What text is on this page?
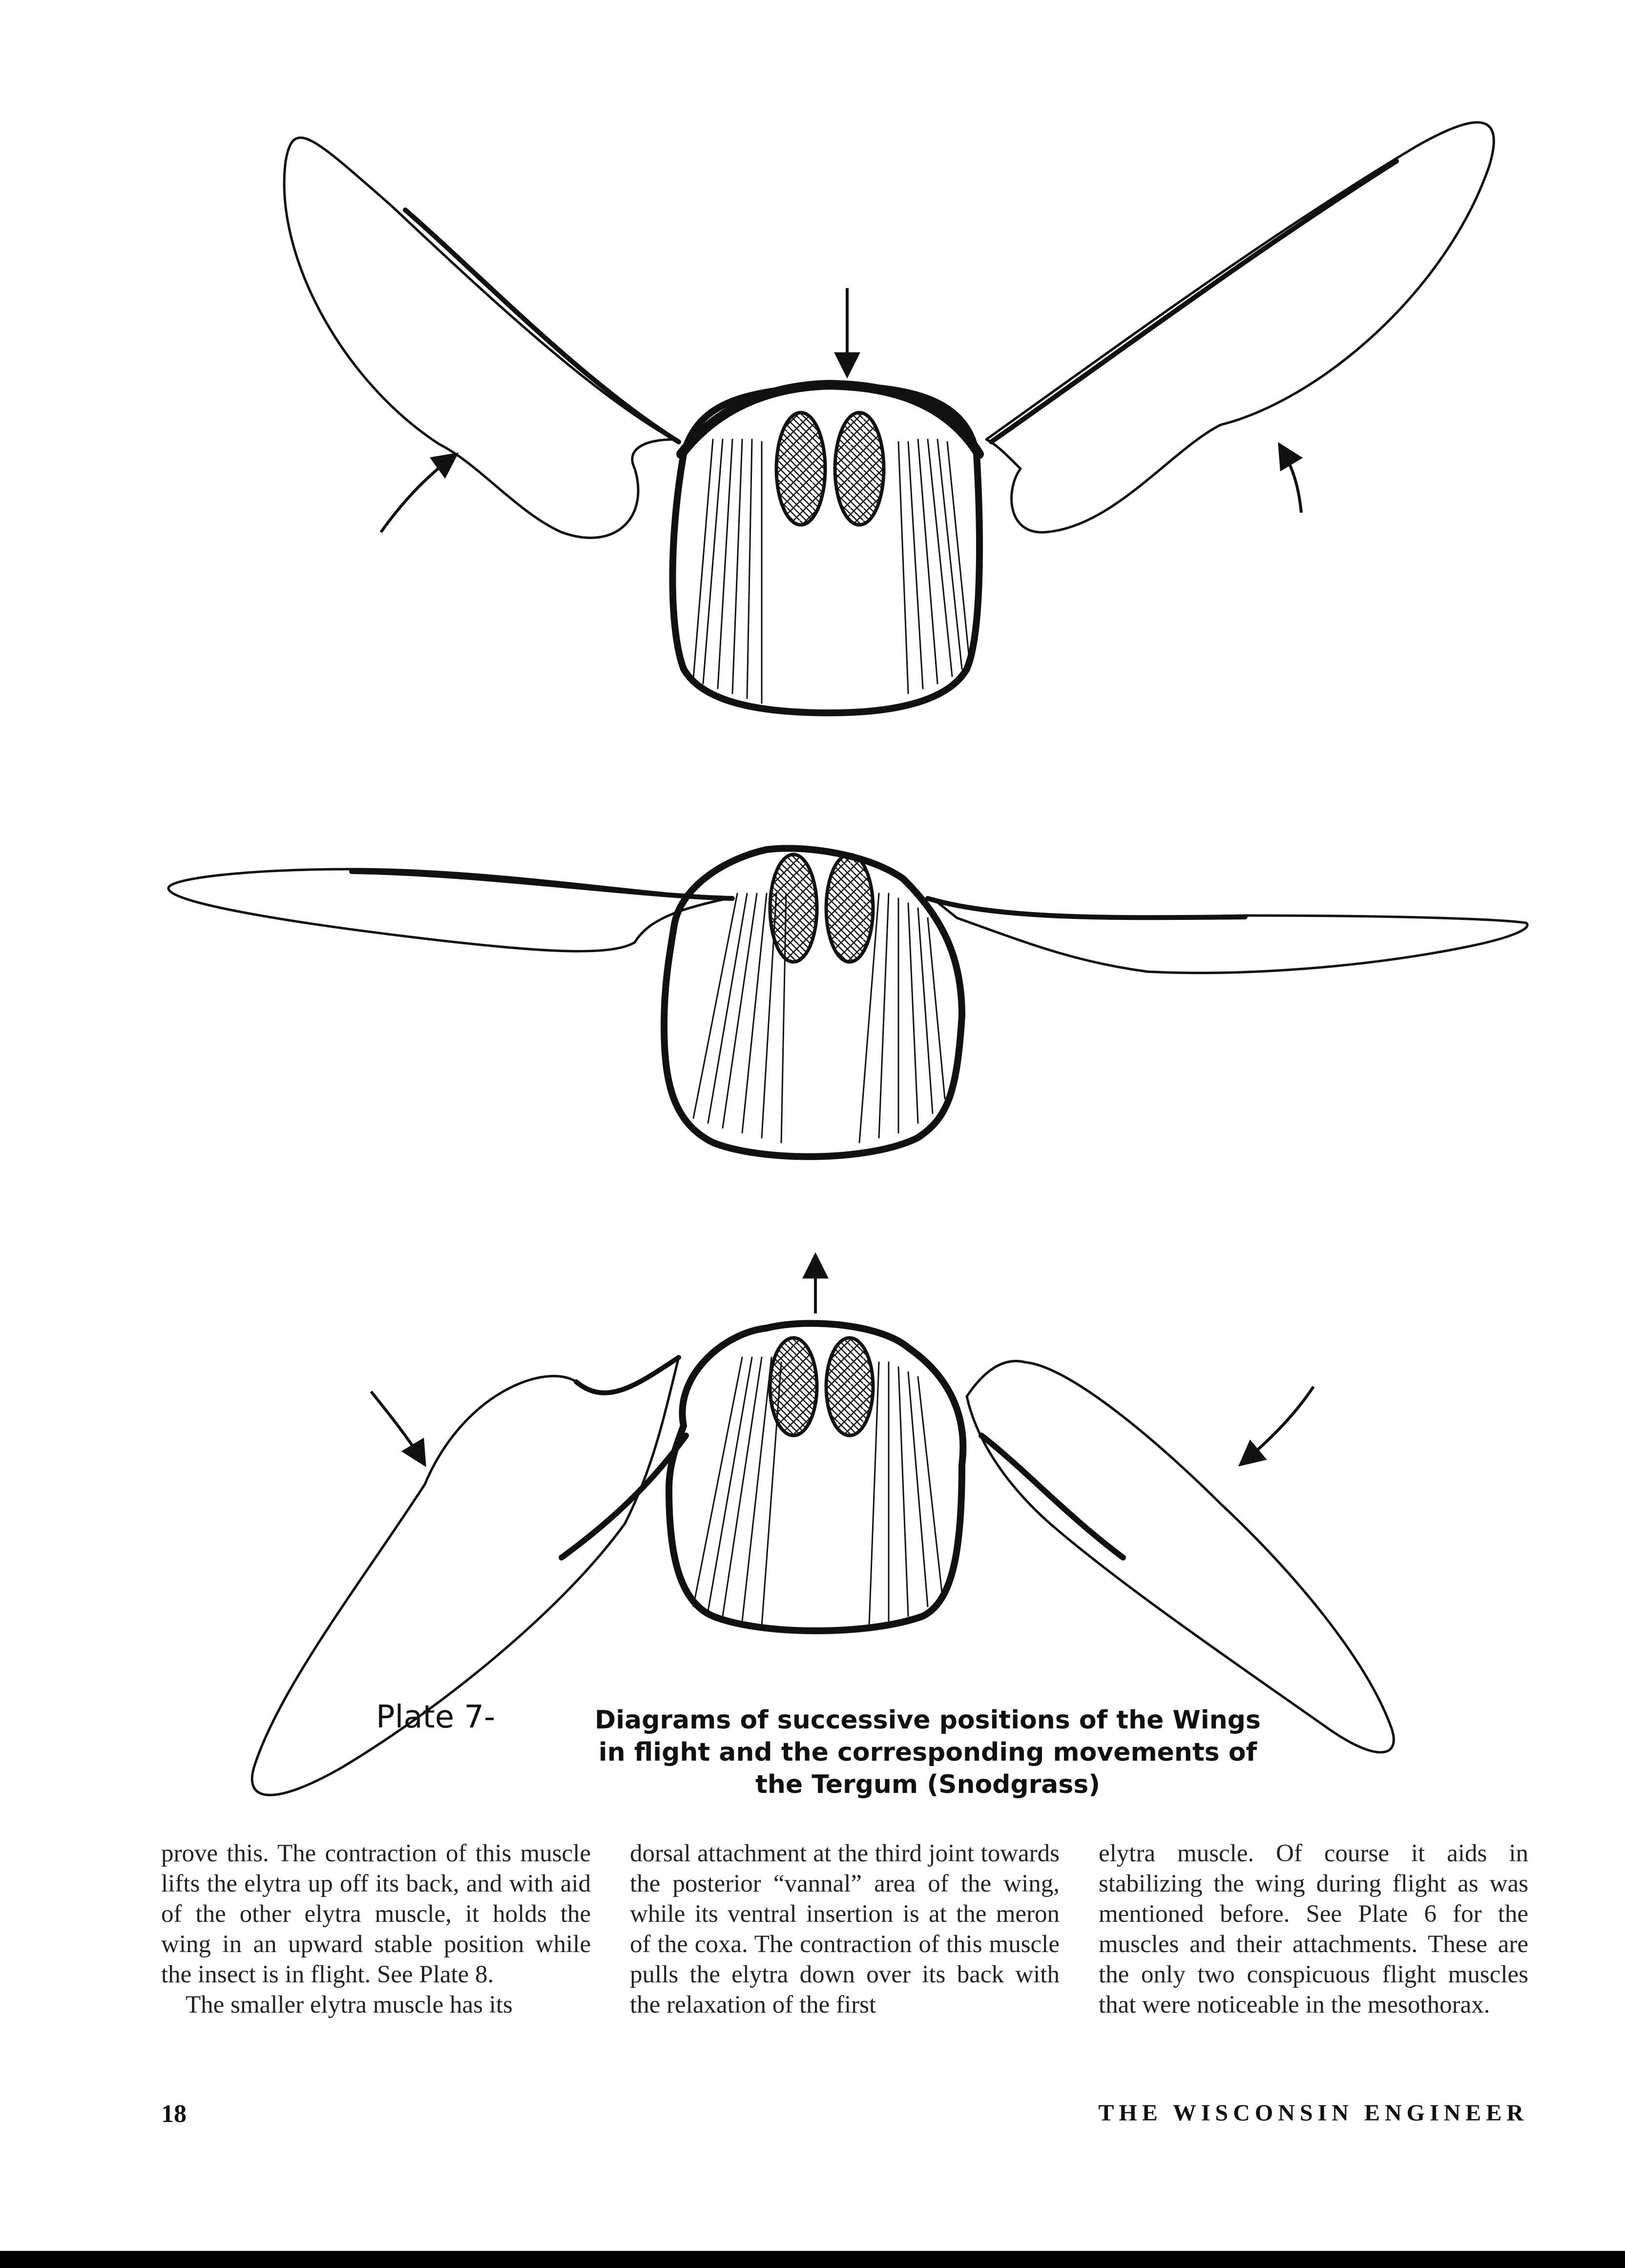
Plate 7-	Diagrams of successive positions of the Wings
in flight and the corresponding movements of
the Tergum (Snodgrass)

prove this. The contraction of this muscle lifts the elytra up off its back, and with aid of the other elytra muscle, it holds the wing in an upward stable position while the insect is in flight. See Plate 8.

The smaller elytra muscle has its

dorsal attachment at the third joint towards the posterior “vannal” area of the wing, while its ventral insertion is at the meron of the coxa. The contraction of this muscle pulls the elytra down over its back with the relaxation of the first

elytra muscle. Of course it aids in stabilizing the wing during flight as was mentioned before. See Plate 6 for the muscles and their attachments. These are the only two conspicuous flight muscles that were noticeable in the mesothorax.

18	THE WISCONSIN ENGINEER
